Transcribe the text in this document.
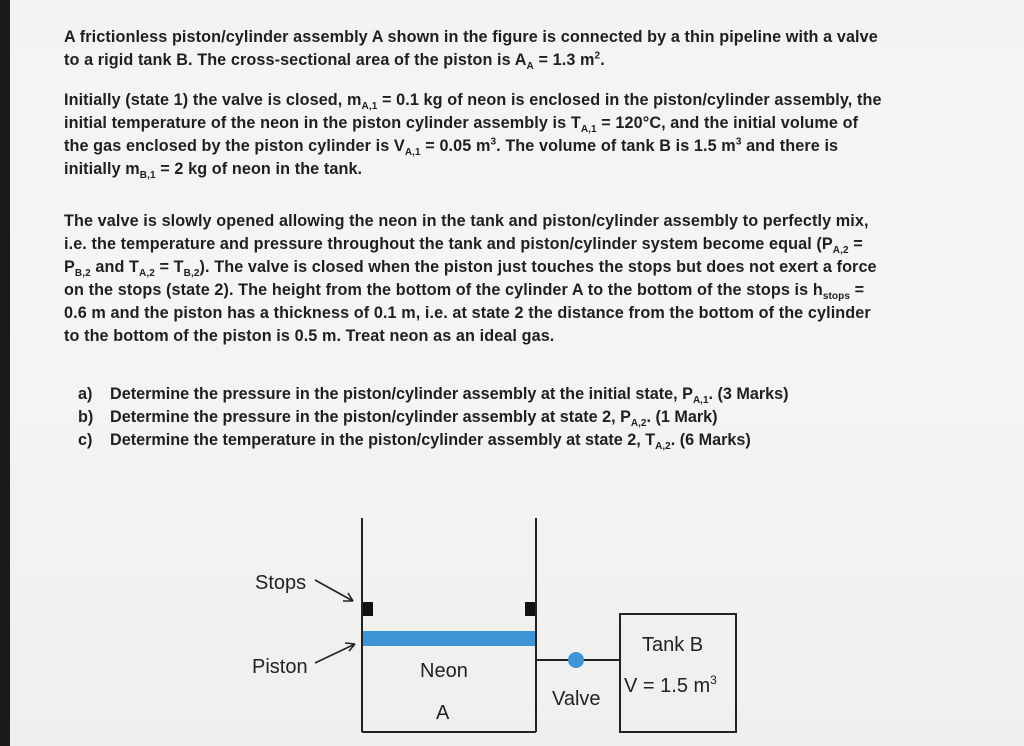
A frictionless piston/cylinder assembly A shown in the figure is connected by a thin pipeline with a valve
to a rigid tank B. The cross-sectional area of the piston is $A_A = 1.3$ $m^2$.
Initially (state 1) the valve is closed, $m_{A,1} = 0.1$ kg of neon is enclosed in the piston/cylinder assembly, the
initial temperature of the neon in the piston cylinder assembly is $T_{A,1} = 120^\circ C$, and the initial volume of
the gas enclosed by the piston cylinder is $V_{A,1} = 0.05$ $m^3$. The volume of tank B is 1.5 $m^3$ and there is
initially $m_{B,1} = 2$ kg of neon in the tank.
The valve is slowly opened allowing the neon in the tank and piston/cylinder assembly to perfectly mix,
i.e. the temperature and pressure throughout the tank and piston/cylinder system become equal ($P_{A,2}$ =
$P_{B,2}$ and $T_{A,2} = T_{B,2}$). The valve is closed when the piston just touches the stops but does not exert a force
on the stops (state 2). The height from the bottom of the cylinder A to the bottom of the stops is $h_{stops}$ =
0.6 m and the piston has a thickness of 0.1 m, i.e. at state 2 the distance from the bottom of the cylinder
to the bottom of the piston is 0.5 m. Treat neon as an ideal gas.
a) Determine the pressure in the piston/cylinder assembly at the initial state, $P_{A,1}$. (3 Marks)
b) Determine the pressure in the piston/cylinder assembly at state 2, $P_{A,2}$. (1 Mark)
c) Determine the temperature in the piston/cylinder assembly at state 2, $T_{A,2}$. (6 Marks)
Stops
Piston	Neon
A
Valve
Tank B
V = 1.5 $m^3$
